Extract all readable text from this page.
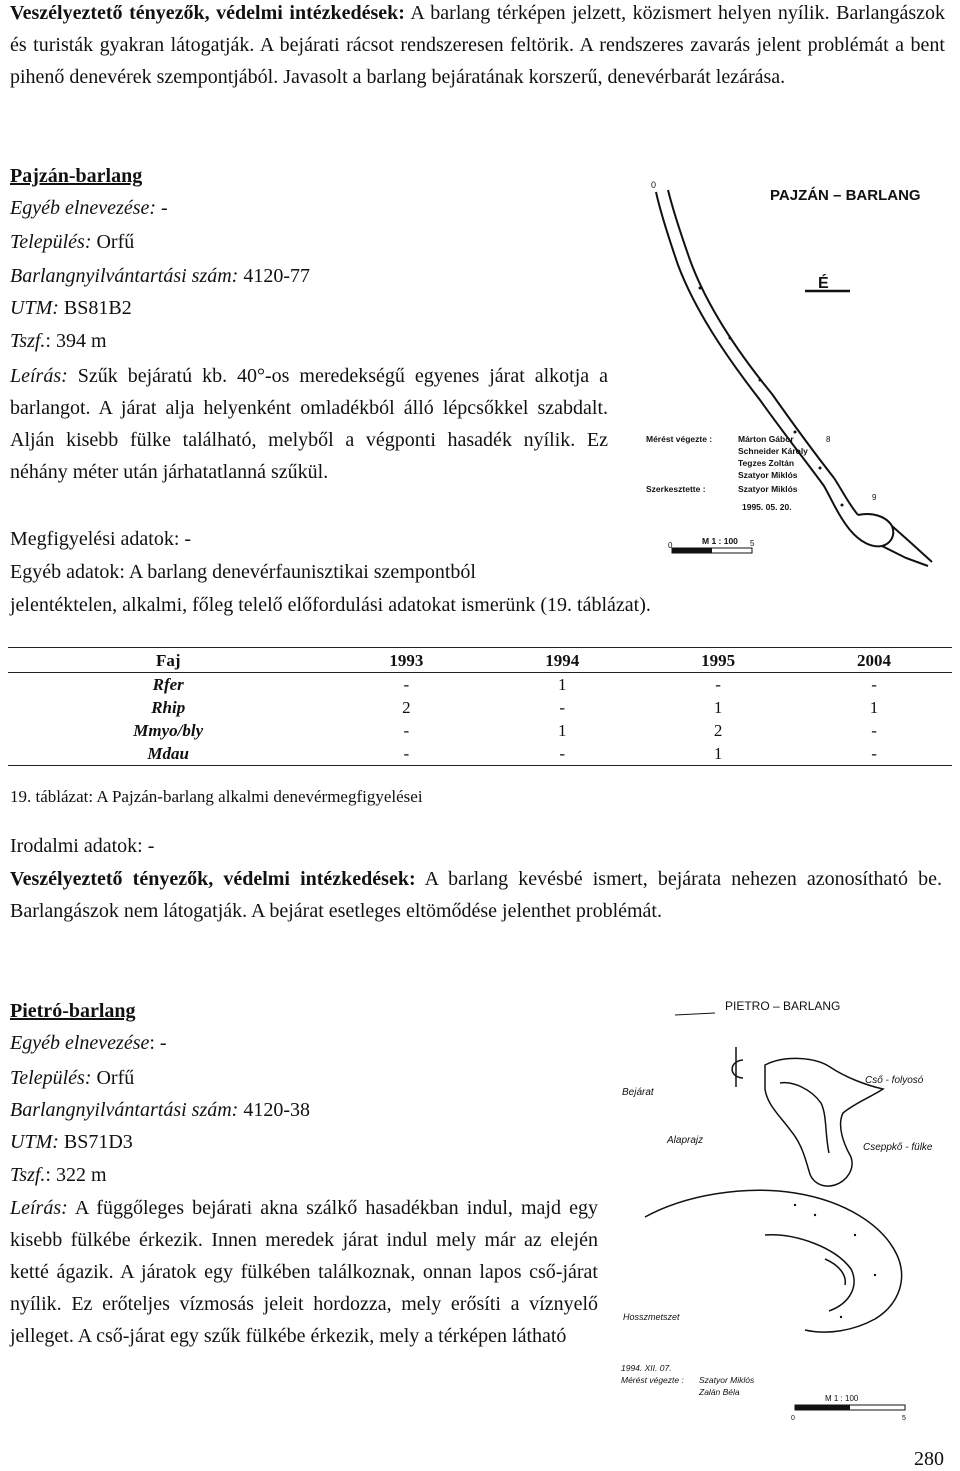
Veszélyeztető tényezők, védelmi intézkedések: A barlang térképen jelzett, közismert helyen nyílik. Barlangászok és turisták gyakran látogatják. A bejárati rácsot rendszeresen feltörik. A rendszeres zavarás jelent problémát a bent pihenő denevérek szempontjából. Javasolt a barlang bejáratának korszerű, denevérbarát lezárása.
Pajzán-barlang
Egyéb elnevezése: -
Település: Orfű
Barlangnyilvántartási szám: 4120-77
UTM: BS81B2
Tszf.: 394 m
Leírás: Szűk bejáratú kb. 40°-os meredekségű egyenes járat alkotja a barlangot. A járat alja helyenként omladékból álló lépcsőkkel szabdalt. Alján kisebb fülke található, melyből a végponti hasadék nyílik. Ez néhány méter után járhatatlanná szűkül.
Megfigyelési adatok: -
Egyéb adatok: A barlang denevérfaunisztikai szempontból
jelentéktelen, alkalmi, főleg telelő előfordulási adatokat ismerünk (19. táblázat).
PAJZÁN – BARLANG
0
É
8
9
Mérést végezte :	Márton Gábor
Schneider Károly
Tegzes Zoltán
Szatyor Miklós
Szerkesztette :	Szatyor Miklós
1995. 05. 20.
M 1 : 100
0	5
Faj	1993	1994	1995	2004
Rfer	-	1	-	-
Rhip	2	-	1	1
Mmyo/bly	-	1	2	-
Mdau	-	-	1	-
19. táblázat: A Pajzán-barlang alkalmi denevérmegfigyelései
Irodalmi adatok: -
Veszélyeztető tényezők, védelmi intézkedések: A barlang kevésbé ismert, bejárata nehezen azonosítható be. Barlangászok nem látogatják. A bejárat esetleges eltömődése jelenthet problémát.
Pietró-barlang
Egyéb elnevezése: -
Település: Orfű
Barlangnyilvántartási szám: 4120-38
UTM: BS71D3
Tszf.: 322 m
Leírás: A függőleges bejárati akna szálkő hasadékban indul, majd egy kisebb fülkébe érkezik. Innen meredek járat indul mely már az elején ketté ágazik. A járatok egy fülkében találkoznak, onnan lapos cső-járat nyílik. Ez erőteljes vízmosás jeleit hordozza, mely erősíti a víznyelő jelleget. A cső-járat egy szűk fülkébe érkezik, mely a térképen látható
PIETRO – BARLANG
Bejárat
Cső - folyosó
Alaprajz
Cseppkő - fülke
Hosszmetszet
1994. XII. 07.
Mérést végezte : Szatyor Miklós
Zalán Béla
M 1 : 100
0	5
280
